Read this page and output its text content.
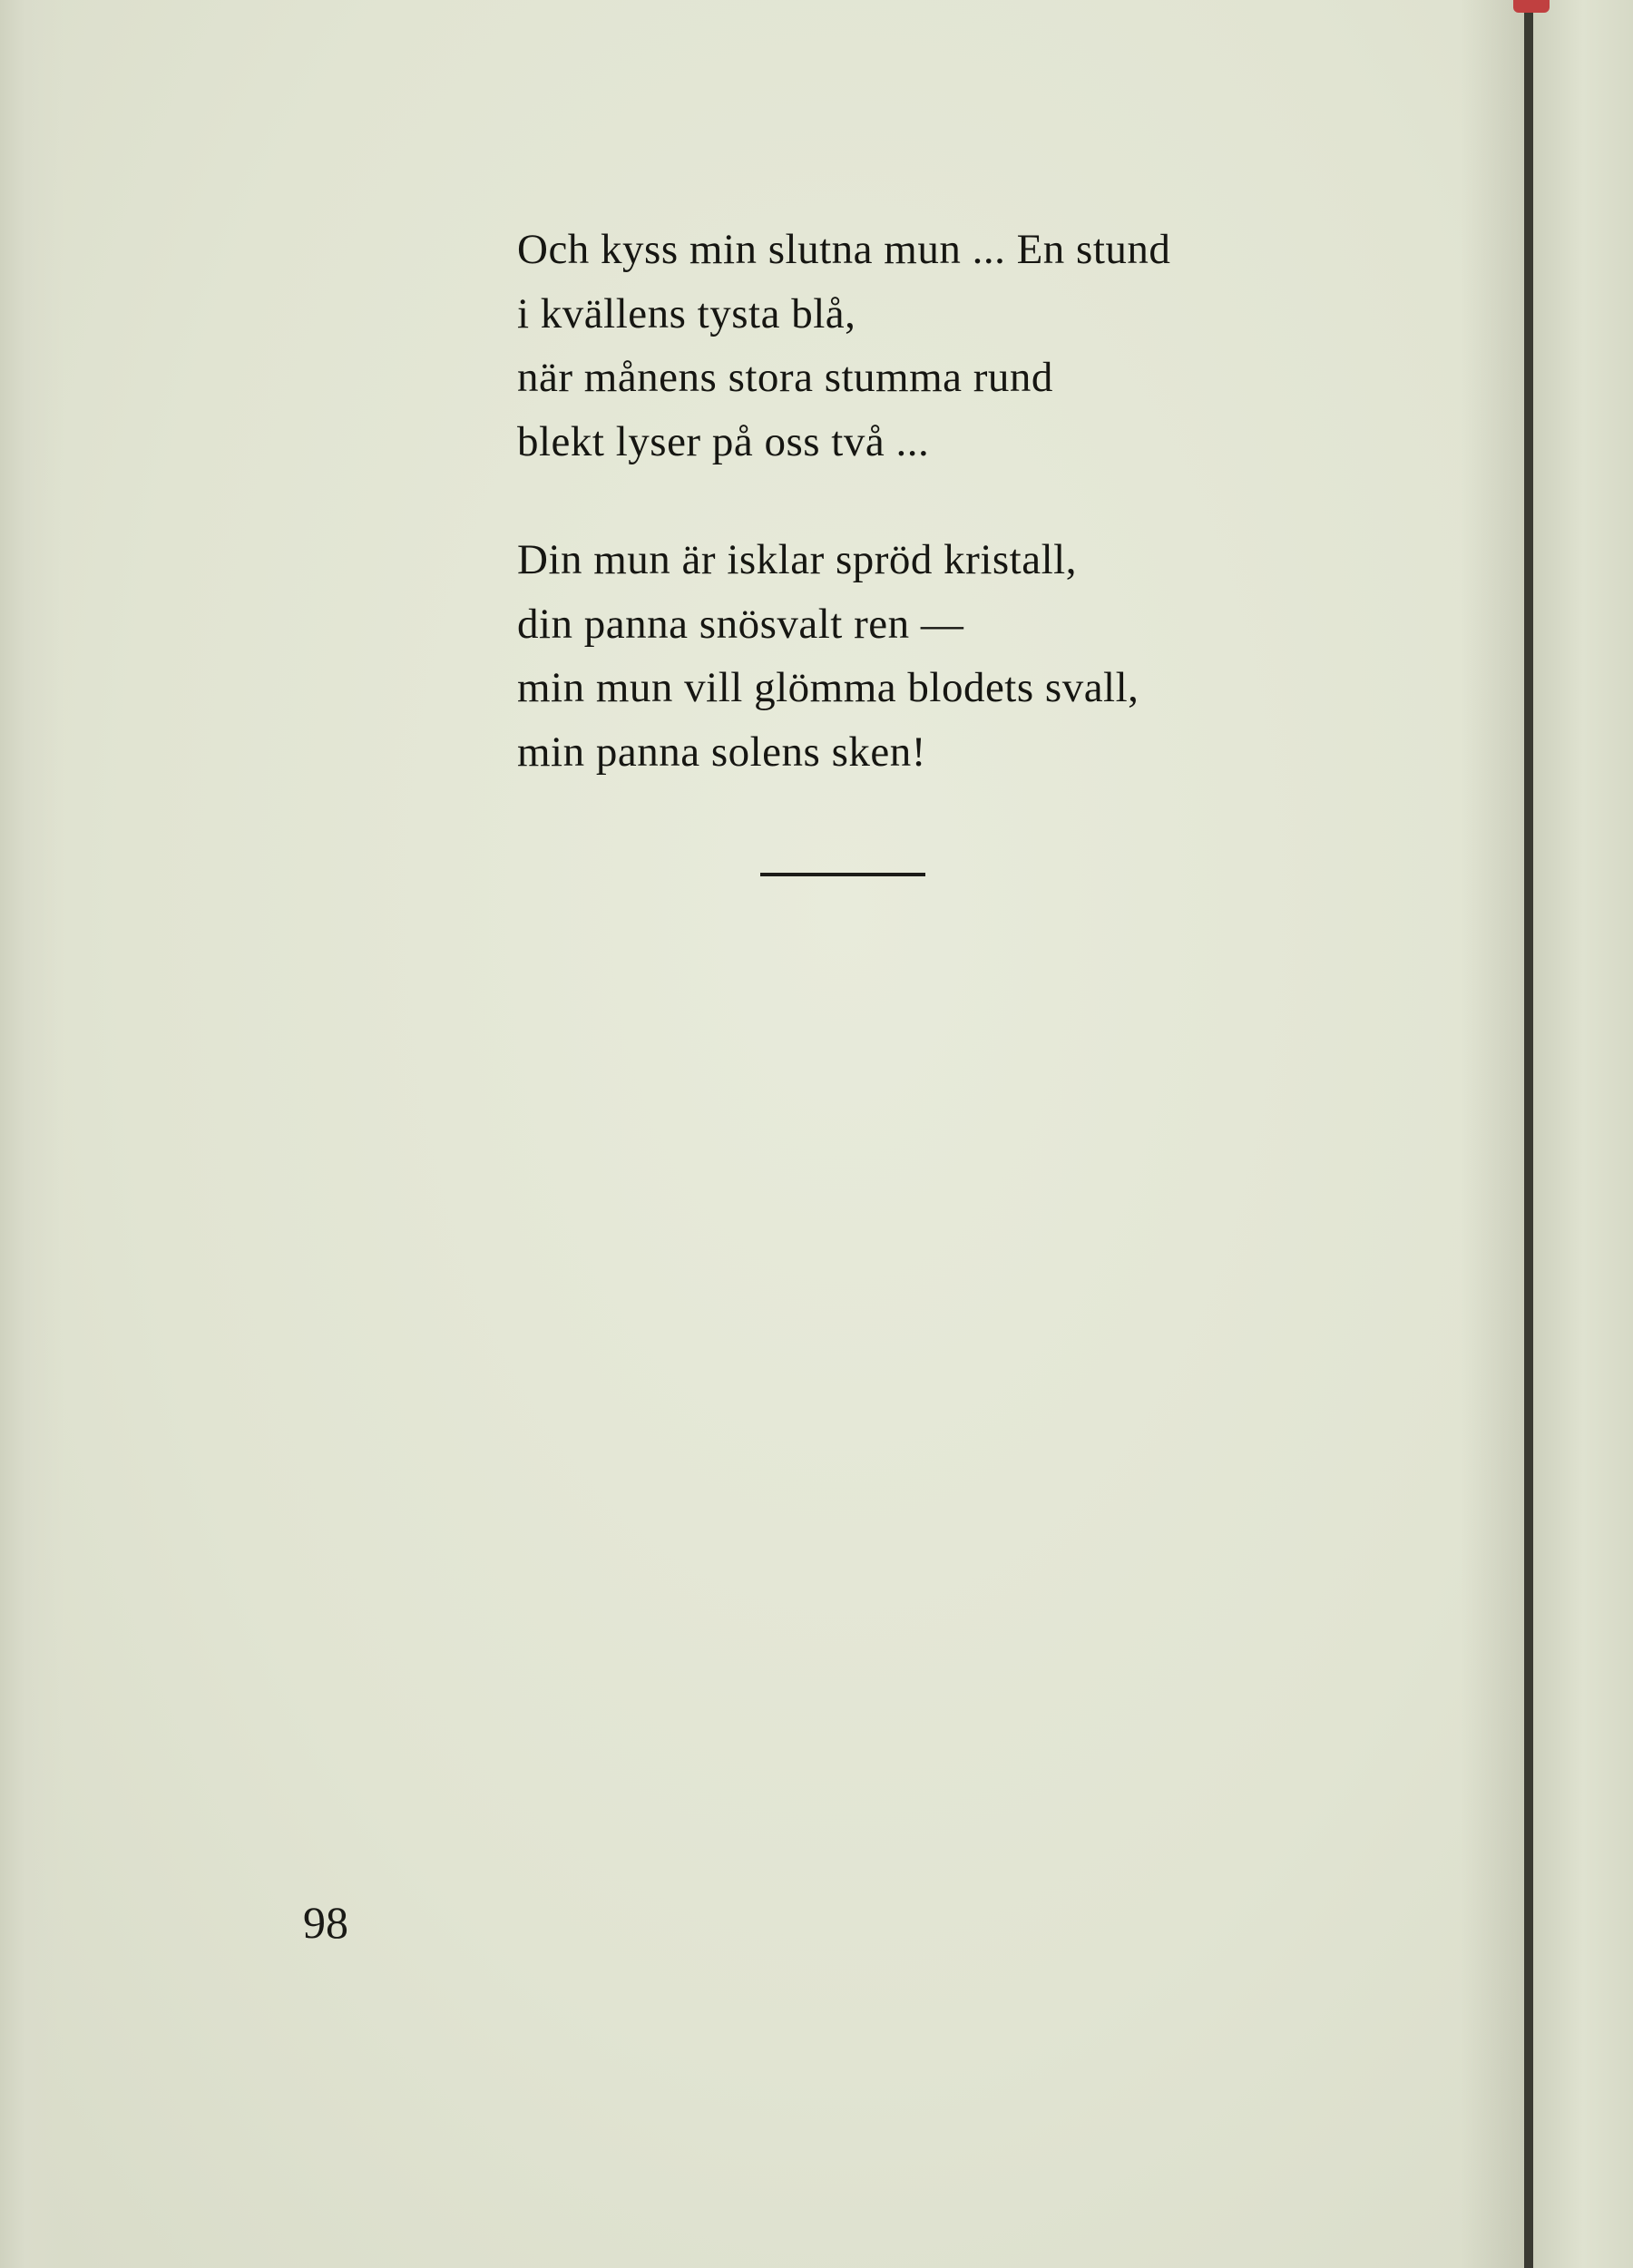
Och kyss min slutna mun ... En stund
i kvällens tysta blå,
när månens stora stumma rund
blekt lyser på oss två ...
Din mun är isklar spröd kristall,
din panna snösvalt ren —
min mun vill glömma blodets svall,
min panna solens sken!
98
